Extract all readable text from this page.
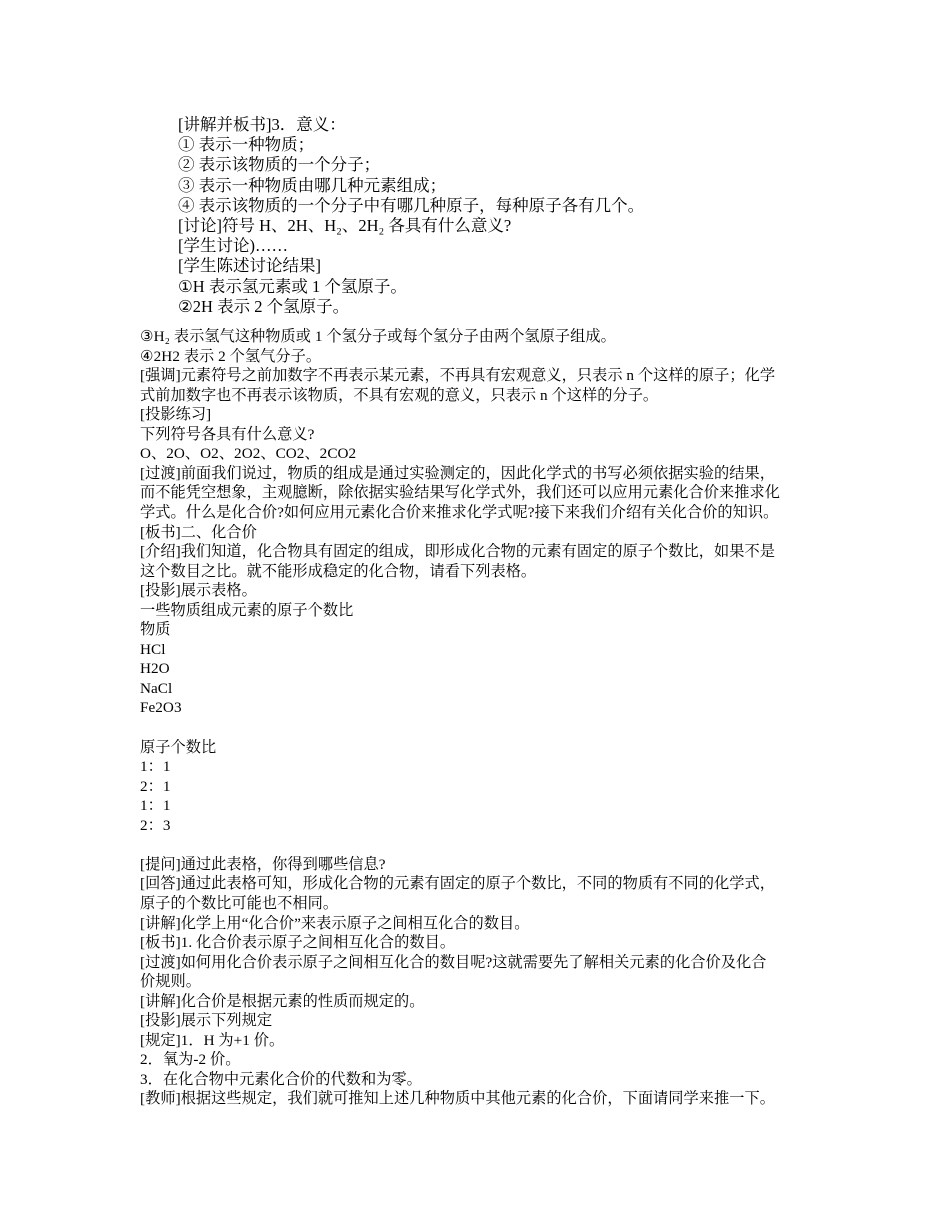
[讲解并板书]3．意义：
① 表示一种物质；
② 表示该物质的一个分子；
③ 表示一种物质由哪几种元素组成；
④ 表示该物质的一个分子中有哪几种原子，每种原子各有几个。
[讨论]符号 H、2H、H₂、2H₂ 各具有什么意义?
[学生讨论)……
[学生陈述讨论结果]
①H 表示氢元素或 1 个氢原子。
②2H 表示 2 个氢原子。
③H₂ 表示氢气这种物质或 1 个氢分子或每个氢分子由两个氢原子组成。
④2H2 表示 2 个氢气分子。
[强调]元素符号之前加数字不再表示某元素，不再具有宏观意义，只表示 n 个这样的原子；化学
式前加数字也不再表示该物质，不具有宏观的意义，只表示 n 个这样的分子。
[投影练习]
下列符号各具有什么意义?
O、2O、O2、2O2、CO2、2CO2
[过渡]前面我们说过，物质的组成是通过实验测定的，因此化学式的书写必须依据实验的结果，
而不能凭空想象，主观臆断，除依据实验结果写化学式外，我们还可以应用元素化合价来推求化
学式。什么是化合价?如何应用元素化合价来推求化学式呢?接下来我们介绍有关化合价的知识。
[板书]二、化合价
[介绍]我们知道，化合物具有固定的组成，即形成化合物的元素有固定的原子个数比，如果不是
这个数目之比。就不能形成稳定的化合物，请看下列表格。
[投影]展示表格。
一些物质组成元素的原子个数比
物质
HCl
H2O
NaCl
Fe2O3
原子个数比
1：1
2：1
1：1
2：3
[提问]通过此表格，你得到哪些信息?
[回答]通过此表格可知，形成化合物的元素有固定的原子个数比，不同的物质有不同的化学式，
原子的个数比可能也不相同。
[讲解]化学上用“化合价”来表示原子之间相互化合的数目。
[板书]1. 化合价表示原子之间相互化合的数目。
[过渡]如何用化合价表示原子之间相互化合的数目呢?这就需要先了解相关元素的化合价及化合
价规则。
[讲解]化合价是根据元素的性质而规定的。
[投影]展示下列规定
[规定]1．H 为+1 价。
2．氧为-2 价。
3．在化合物中元素化合价的代数和为零。
[教师]根据这些规定，我们就可推知上述几种物质中其他元素的化合价，下面请同学来推一下。
